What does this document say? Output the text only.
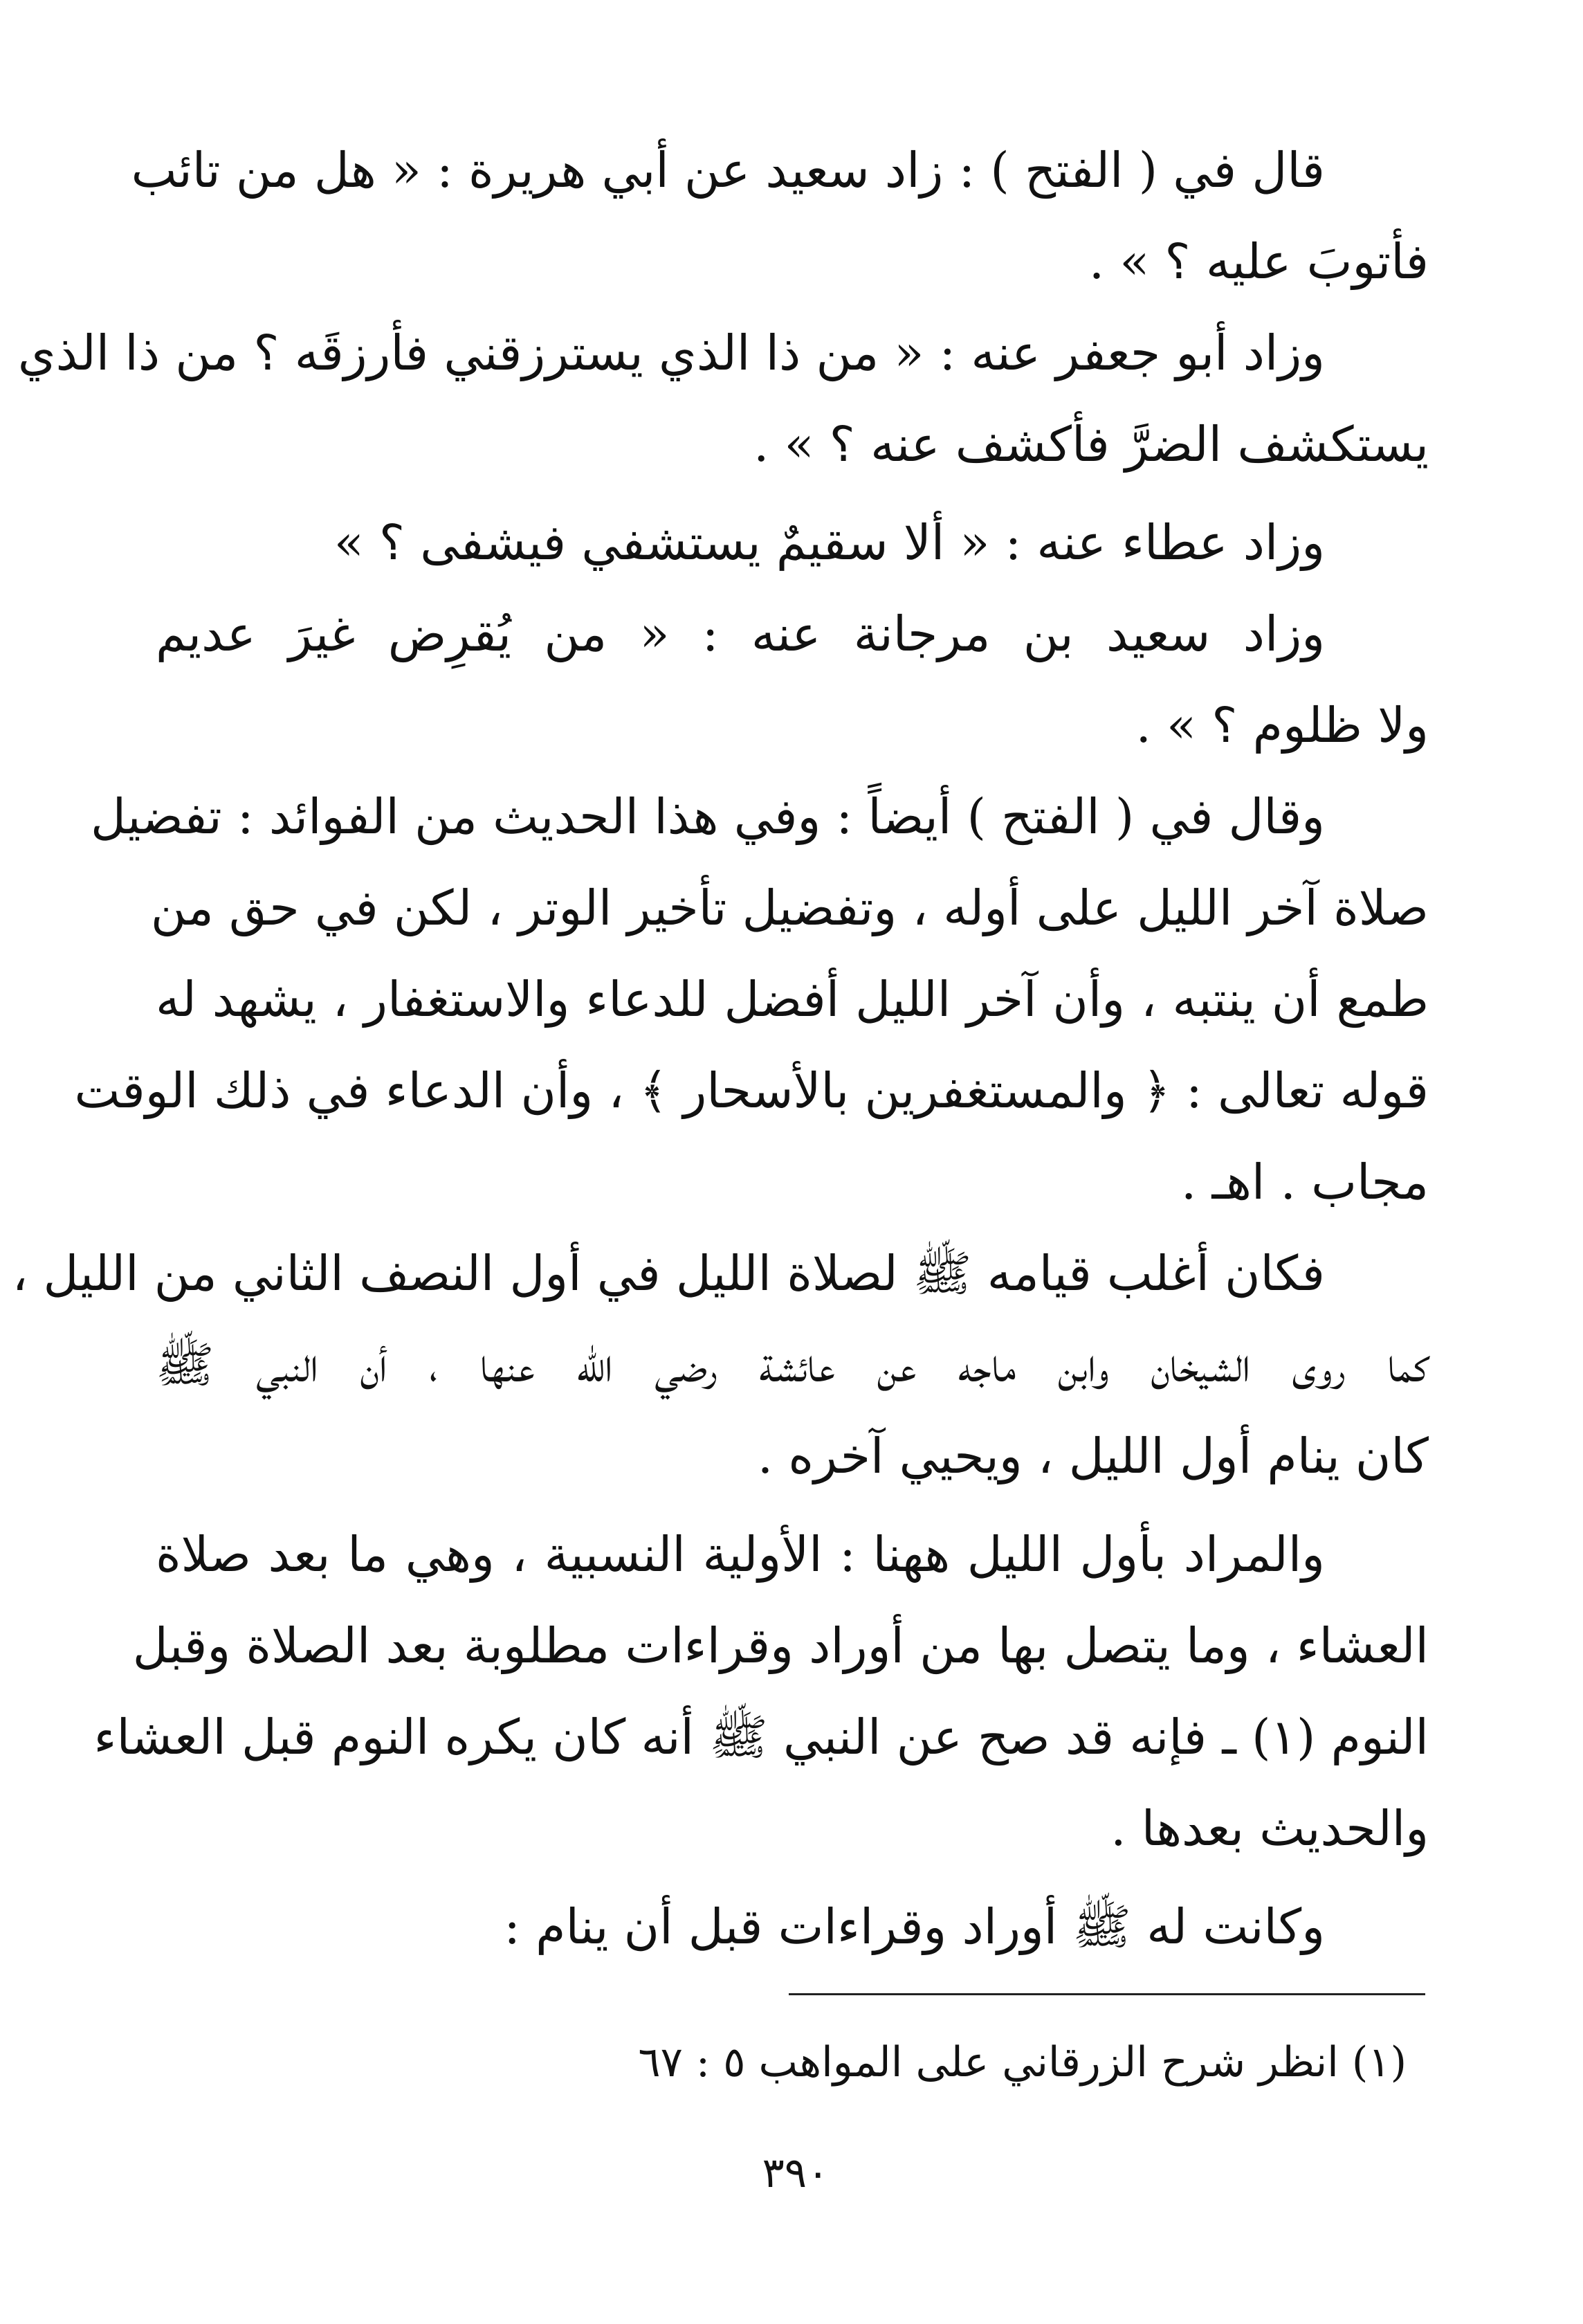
قال في ( الفتح ) : زاد سعيد عن أبي هريرة : « هل من تائب
فأتوبَ عليه ؟ » .
وزاد أبو جعفر عنه : « من ذا الذي يسترزقني فأرزقَه ؟ من ذا الذي
يستكشف الضرَّ فأكشف عنه ؟ » .
وزاد عطاء عنه : « ألا سقيمٌ يستشفي فيشفى ؟ »
وزاد سعيد بن مرجانة عنه : « من يُقرِض غيرَ عديم
ولا ظلوم ؟ » .
وقال في ( الفتح ) أيضاً : وفي هذا الحديث من الفوائد : تفضيل
صلاة آخر الليل على أوله ، وتفضيل تأخير الوتر ، لكن في حق من
طمع أن ينتبه ، وأن آخر الليل أفضل للدعاء والاستغفار ، يشهد له
قوله تعالى : ﴿ والمستغفرين بالأسحار ﴾ ، وأن الدعاء في ذلك الوقت
مجاب . اهـ .
فكان أغلب قيامه ﷺ لصلاة الليل في أول النصف الثاني من الليل ،
كما روى الشيخان وابن ماجه عن عائشة رضي الله عنها ، أن النبي ﷺ
كان ينام أول الليل ، ويحيي آخره .
والمراد بأول الليل ههنا : الأولية النسبية ، وهي ما بعد صلاة
العشاء ، وما يتصل بها من أوراد وقراءات مطلوبة بعد الصلاة وقبل
النوم (١) ـ فإنه قد صح عن النبي ﷺ أنه كان يكره النوم قبل العشاء
والحديث بعدها .
وكانت له ﷺ أوراد وقراءات قبل أن ينام :
(١) انظر شرح الزرقاني على المواهب ٥ : ٦٧
٣٩٠
